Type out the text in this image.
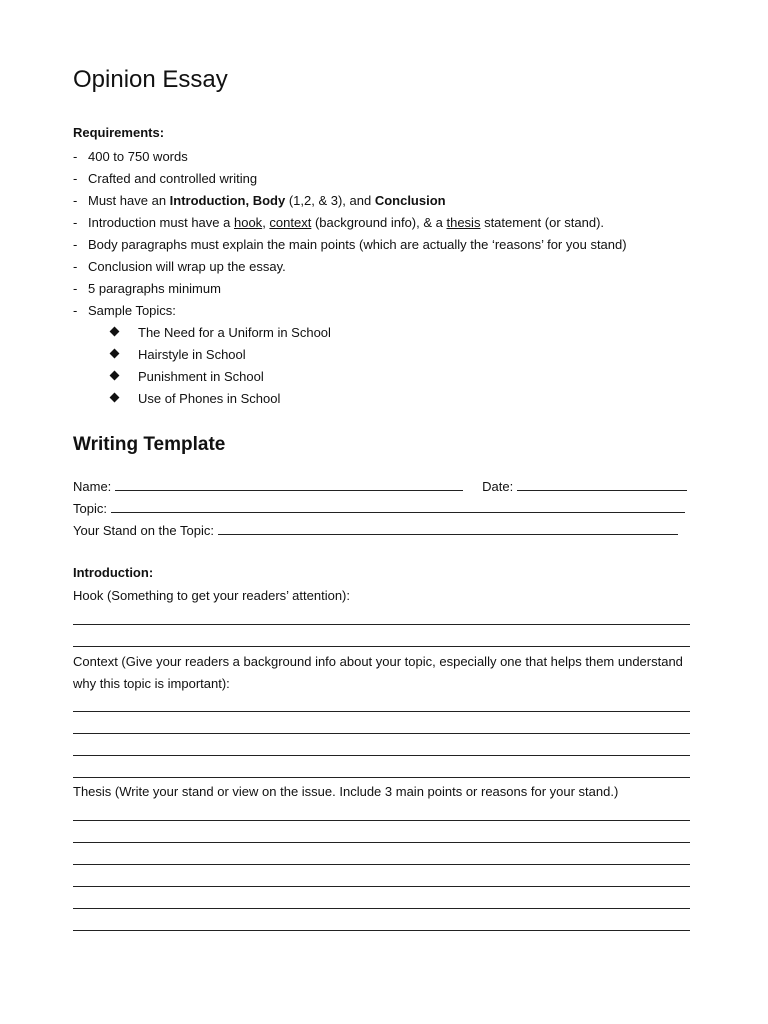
Opinion Essay
Requirements:
- 400 to 750 words
- Crafted and controlled writing
- Must have an Introduction, Body (1,2, & 3), and Conclusion
- Introduction must have a hook, context (background info), & a thesis statement (or stand).
- Body paragraphs must explain the main points (which are actually the ‘reasons’ for you stand)
- Conclusion will wrap up the essay.
- 5 paragraphs minimum
- Sample Topics:
The Need for a Uniform in School
Hairstyle in School
Punishment in School
Use of Phones in School
Writing Template
Name:	Date:
Topic:
Your Stand on the Topic:
Introduction:
Hook (Something to get your readers’ attention):
Context (Give your readers a background info about your topic, especially one that helps them understand why this topic is important):
Thesis (Write your stand or view on the issue. Include 3 main points or reasons for your stand.)
